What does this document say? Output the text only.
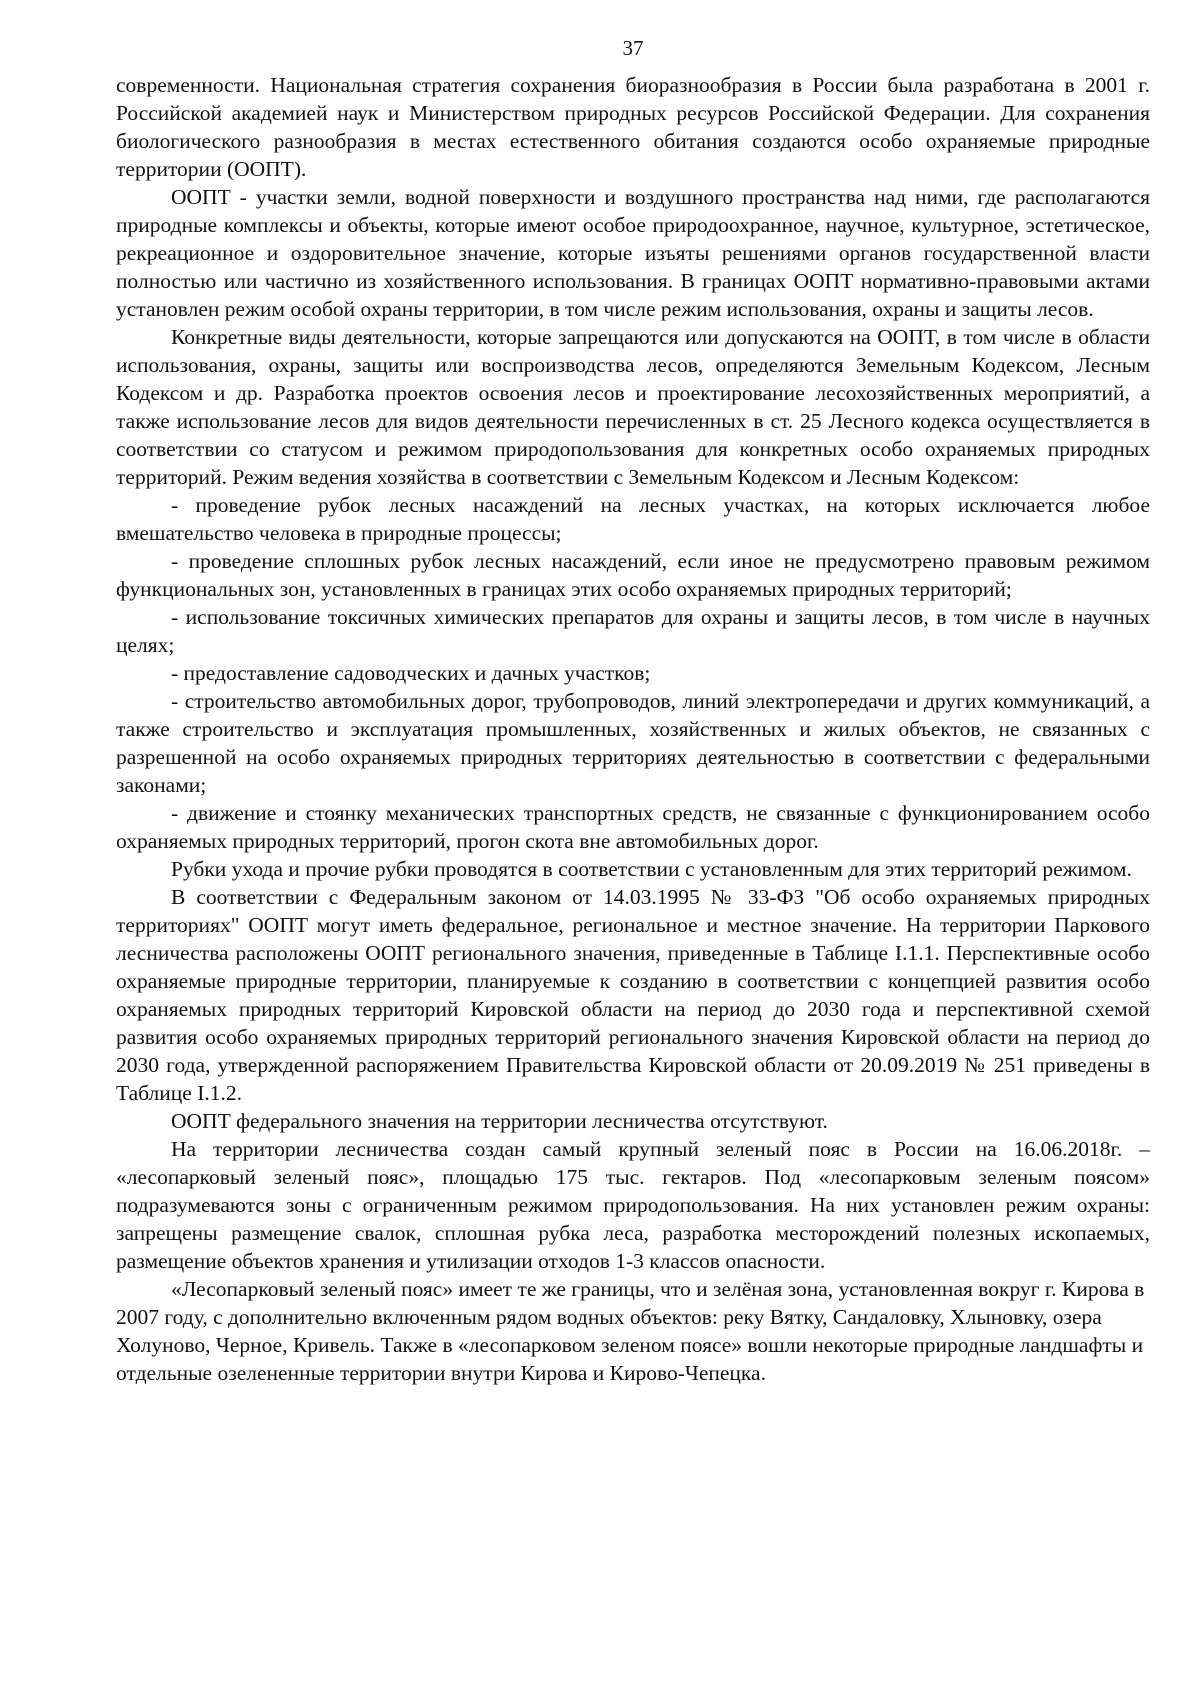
37

современности. Национальная стратегия сохранения биоразнообразия в России была разработана в 2001 г. Российской академией наук и Министерством природных ресурсов Российской Федерации. Для сохранения биологического разнообразия в местах естественного обитания создаются особо охраняемые природные территории (ООПТ).

ООПТ - участки земли, водной поверхности и воздушного пространства над ними, где располагаются природные комплексы и объекты, которые имеют особое природоохранное, научное, культурное, эстетическое, рекреационное и оздоровительное значение, которые изъяты решениями органов государственной власти полностью или частично из хозяйственного использования. В границах ООПТ нормативно-правовыми актами установлен режим особой охраны территории, в том числе режим использования, охраны и защиты лесов.

Конкретные виды деятельности, которые запрещаются или допускаются на ООПТ, в том числе в области использования, охраны, защиты или воспроизводства лесов, определяются Земельным Кодексом, Лесным Кодексом и др. Разработка проектов освоения лесов и проектирование лесохозяйственных мероприятий, а также использование лесов для видов деятельности перечисленных в ст. 25 Лесного кодекса осуществляется в соответствии со статусом и режимом природопользования для конкретных особо охраняемых природных территорий. Режим ведения хозяйства в соответствии с Земельным Кодексом и Лесным Кодексом:

- проведение рубок лесных насаждений на лесных участках, на которых исключается любое вмешательство человека в природные процессы;

- проведение сплошных рубок лесных насаждений, если иное не предусмотрено правовым режимом функциональных зон, установленных в границах этих особо охраняемых природных территорий;

- использование токсичных химических препаратов для охраны и защиты лесов, в том числе в научных целях;

- предоставление садоводческих и дачных участков;

- строительство автомобильных дорог, трубопроводов, линий электропередачи и других коммуникаций, а также строительство и эксплуатация промышленных, хозяйственных и жилых объектов, не связанных с разрешенной на особо охраняемых природных территориях деятельностью в соответствии с федеральными законами;

- движение и стоянку механических транспортных средств, не связанные с функционированием особо охраняемых природных территорий, прогон скота вне автомобильных дорог.

Рубки ухода и прочие рубки проводятся в соответствии с установленным для этих территорий режимом.

В соответствии с Федеральным законом от 14.03.1995 № 33-ФЗ "Об особо охраняемых природных территориях" ООПТ могут иметь федеральное, региональное и местное значение. На территории Паркового лесничества расположены ООПТ регионального значения, приведенные в Таблице I.1.1. Перспективные особо охраняемые природные территории, планируемые к созданию в соответствии с концепцией развития особо охраняемых природных территорий Кировской области на период до 2030 года и перспективной схемой развития особо охраняемых природных территорий регионального значения Кировской области на период до 2030 года, утвержденной распоряжением Правительства Кировской области от 20.09.2019 № 251 приведены в Таблице I.1.2.

ООПТ федерального значения на территории лесничества отсутствуют.

На территории лесничества создан самый крупный зеленый пояс в России на 16.06.2018г. – «лесопарковый зеленый пояс», площадью 175 тыс. гектаров. Под «лесопарковым зеленым поясом» подразумеваются зоны с ограниченным режимом природопользования. На них установлен режим охраны: запрещены размещение свалок, сплошная рубка леса, разработка месторождений полезных ископаемых, размещение объектов хранения и утилизации отходов 1-3 классов опасности.

«Лесопарковый зеленый пояс» имеет те же границы, что и зелёная зона, установленная вокруг г. Кирова в 2007 году, с дополнительно включенным рядом водных объектов: реку Вятку, Сандаловку, Хлыновку, озера Холуново, Черное, Кривель. Также в «лесопарковом зеленом поясе» вошли некоторые природные ландшафты и отдельные озелененные территории внутри Кирова и Кирово-Чепецка.
